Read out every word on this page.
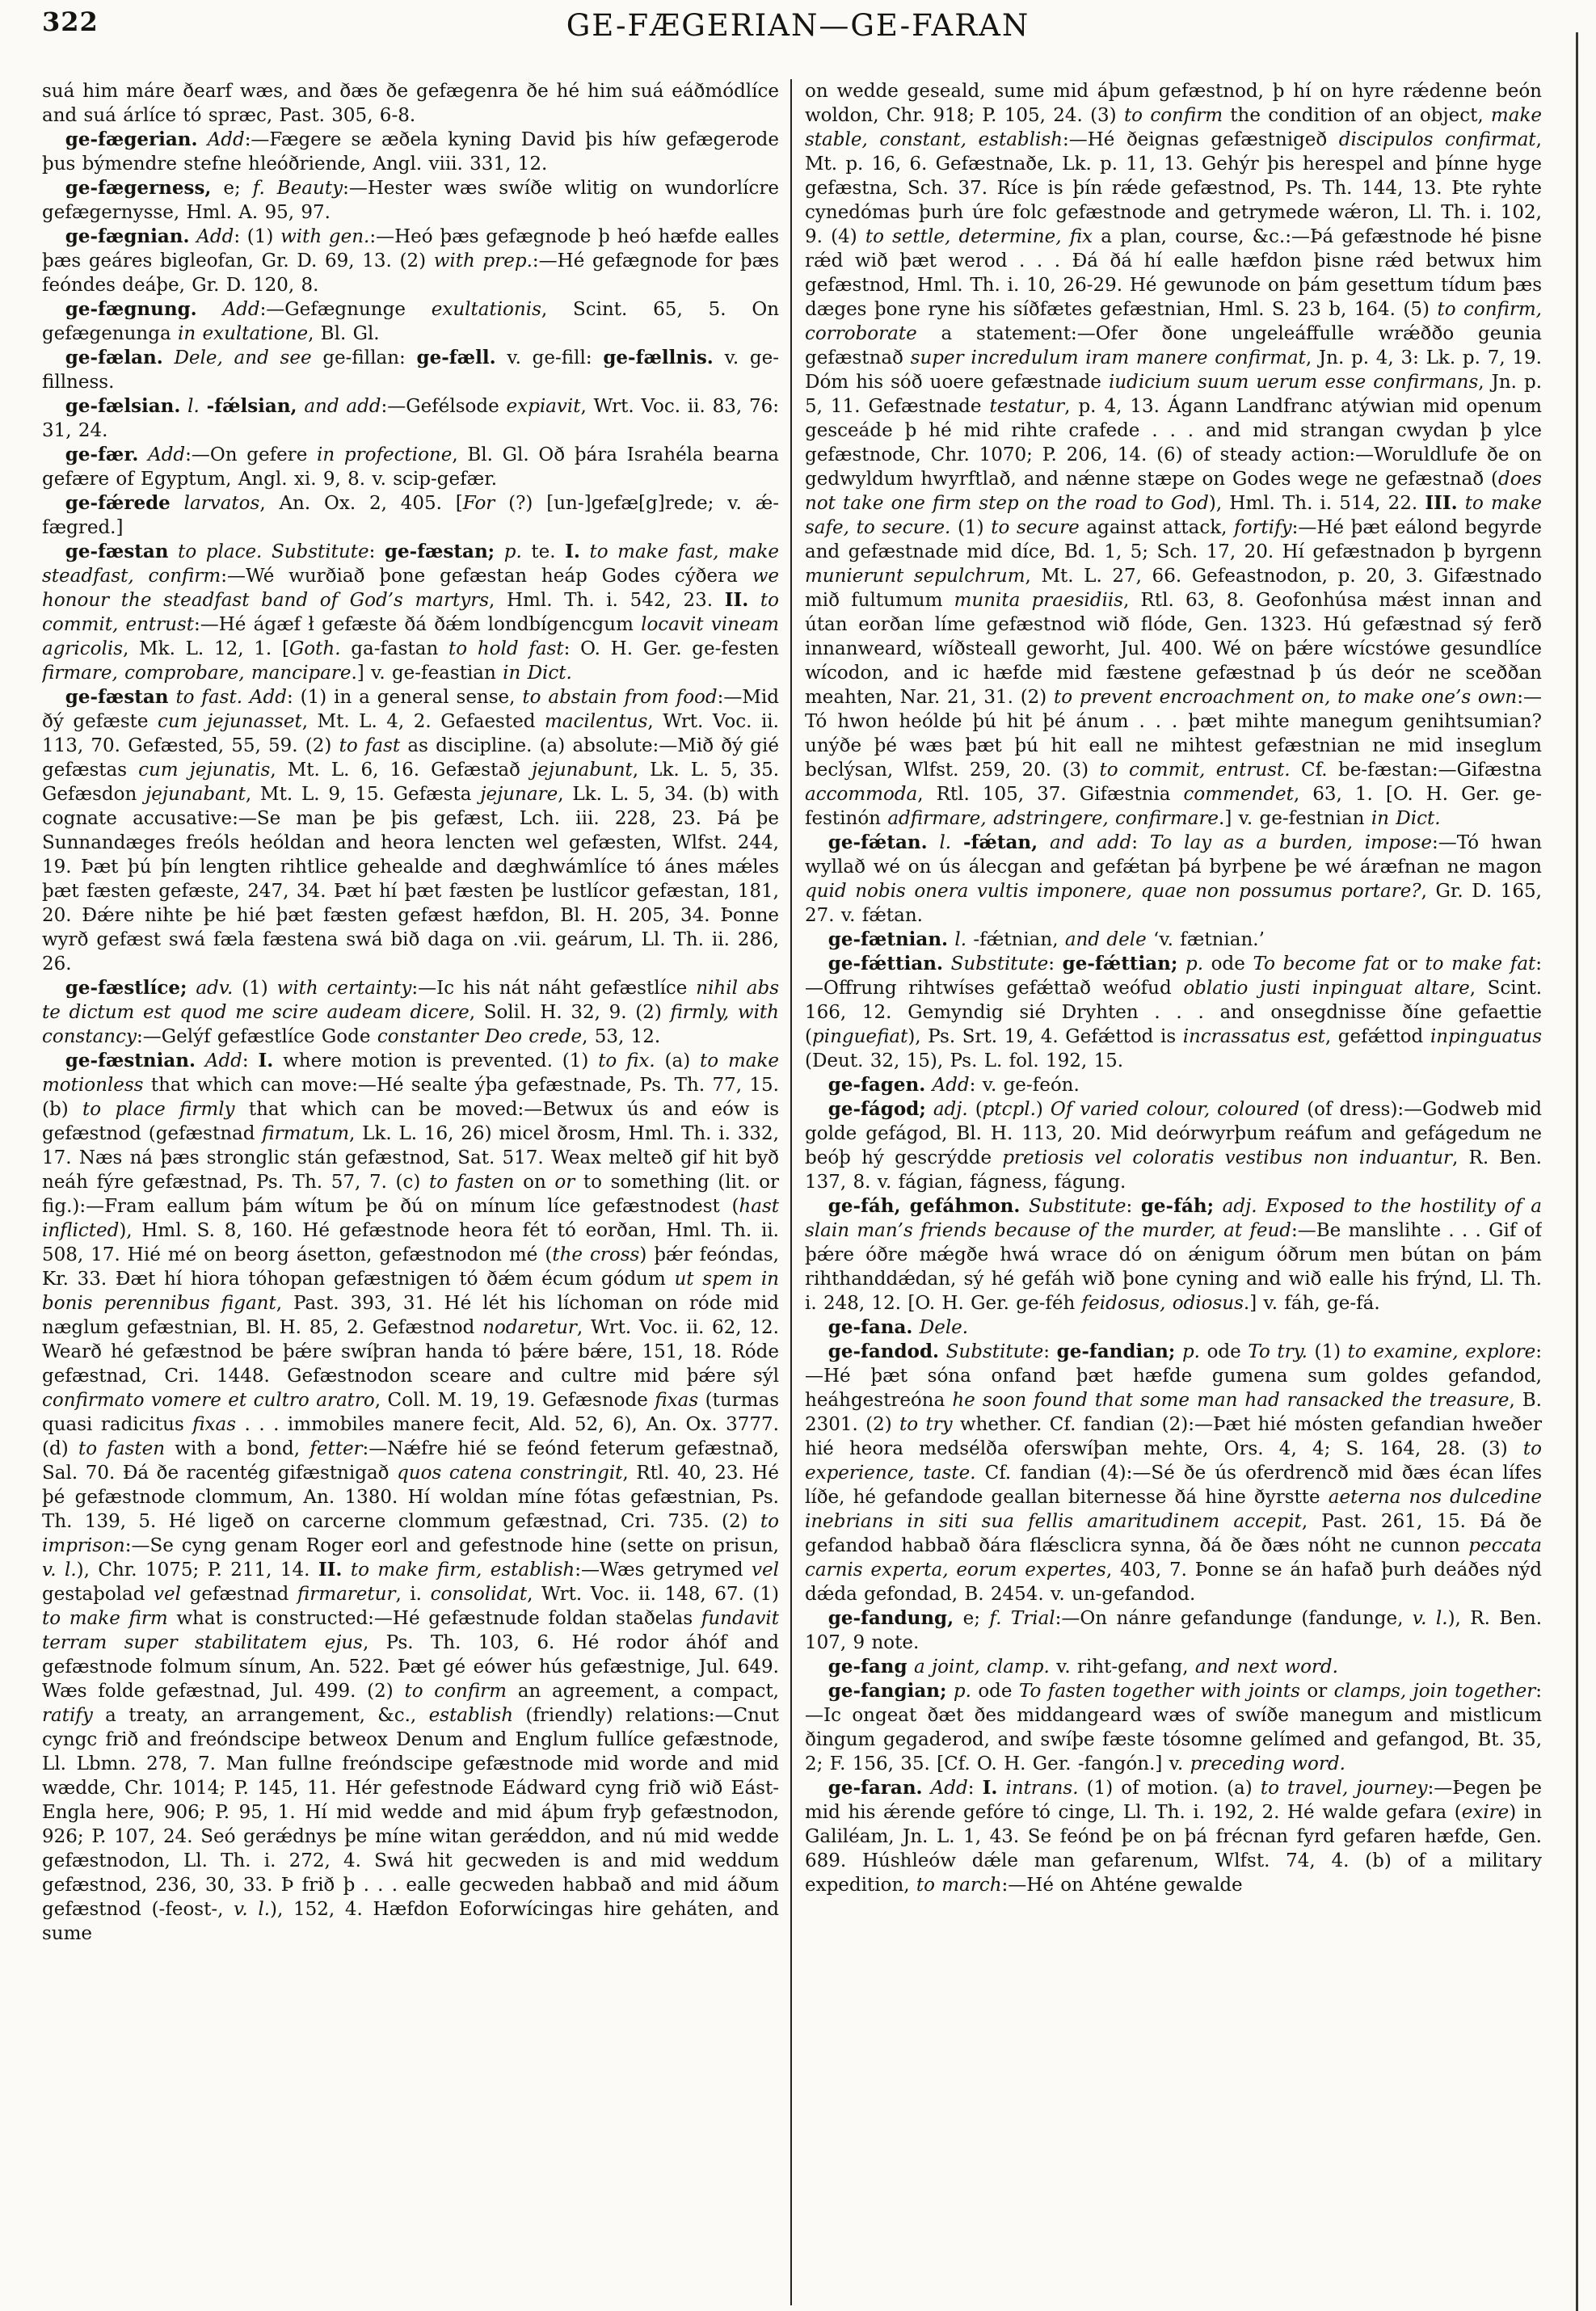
322	GE-FÆGERIAN—GE-FARAN

suá him máre ðearf wæs, and ðæs ðe gefægenra ðe hé him suá eáðmódlíce and suá árlíce tó spræc, Past. 305, 6-8.

ge-fægerian. Add:—Fægere se æðela kyning David þis híw gefægerode þus býmendre stefne hleóðriende, Angl. viii. 331, 12.

ge-fægerness, e; f. Beauty:—Hester wæs swíðe wlitig on wundorlícre gefægernysse, Hml. A. 95, 97.

ge-fægnian. Add: (1) with gen.:—Heó þæs gefægnode þ heó hæfde ealles þæs geáres bigleofan, Gr. D. 69, 13. (2) with prep.:—Hé gefægnode for þæs feóndes deáþe, Gr. D. 120, 8.

ge-fægnung. Add:—Gefægnunge exultationis, Scint. 65, 5. On gefægenunga in exultatione, Bl. Gl.

ge-fælan. Dele, and see ge-fillan: ge-fæll. v. ge-fill: ge-fællnis. v. ge-fillness.

ge-fælsian. l. -fǽlsian, and add:—Gefélsode expiavit, Wrt. Voc. ii. 83, 76: 31, 24.

ge-fær. Add:—On gefere in profectione, Bl. Gl. Oð þára Israhéla bearna gefære of Egyptum, Angl. xi. 9, 8. v. scip-gefær.

ge-fǽrede larvatos, An. Ox. 2, 405. [For (?) [un-]gefæ[g]rede; v. ǽ-fægred.]

ge-fæstan to place. Substitute: ge-fæstan; p. te. I. to make fast, make steadfast, confirm:—Wé wurðiað þone gefæstan heáp Godes cýðera we honour the steadfast band of God’s martyrs, Hml. Th. i. 542, 23. II. to commit, entrust:—Hé ágæf ł gefæste ðá ðǽm londbígencgum locavit vineam agricolis, Mk. L. 12, 1. [Goth. ga-fastan to hold fast: O. H. Ger. ge-festen firmare, comprobare, mancipare.] v. ge-feastian in Dict.

ge-fæstan to fast. Add: (1) in a general sense, to abstain from food:—Mid ðý gefæste cum jejunasset, Mt. L. 4, 2. Gefaested macilentus, Wrt. Voc. ii. 113, 70. Gefæsted, 55, 59. (2) to fast as discipline. (a) absolute:—Mið ðý gié gefæstas cum jejunatis, Mt. L. 6, 16. Gefæstað jejunabunt, Lk. L. 5, 35. Gefæsdon jejunabant, Mt. L. 9, 15. Gefæsta jejunare, Lk. L. 5, 34. (b) with cognate accusative:—Se man þe þis gefæst, Lch. iii. 228, 23. Þá þe Sunnandæges freóls heóldan and heora lencten wel gefæsten, Wlfst. 244, 19. Þæt þú þín lengten rihtlice gehealde and dæghwámlíce tó ánes mǽles þæt fæsten gefæste, 247, 34. Þæt hí þæt fæsten þe lustlícor gefæstan, 181, 20. Ðǽre nihte þe hié þæt fæsten gefæst hæfdon, Bl. H. 205, 34. Þonne wyrð gefæst swá fæla fæstena swá bið daga on .vii. geárum, Ll. Th. ii. 286, 26.

ge-fæstlíce; adv. (1) with certainty:—Ic his nát náht gefæstlíce nihil abs te dictum est quod me scire audeam dicere, Solil. H. 32, 9. (2) firmly, with constancy:—Gelýf gefæstlíce Gode constanter Deo crede, 53, 12.

ge-fæstnian. Add: I. where motion is prevented. (1) to fix. (a) to make motionless that which can move:—Hé sealte ýþa gefæstnade, Ps. Th. 77, 15. (b) to place firmly that which can be moved:—Betwux ús and eów is gefæstnod (gefæstnad firmatum, Lk. L. 16, 26) micel ðrosm, Hml. Th. i. 332, 17. Næs ná þæs stronglic stán gefæstnod, Sat. 517. Weax melteð gif hit byð neáh fýre gefæstnad, Ps. Th. 57, 7. (c) to fasten on or to something (lit. or fig.):—Fram eallum þám wítum þe ðú on mínum líce gefæstnodest (hast inflicted), Hml. S. 8, 160. Hé gefæstnode heora fét tó eorðan, Hml. Th. ii. 508, 17. Hié mé on beorg ásetton, gefæstnodon mé (the cross) þǽr feóndas, Kr. 33. Ðæt hí hiora tóhopan gefæstnigen tó ðǽm écum gódum ut spem in bonis perennibus figant, Past. 393, 31. Hé lét his líchoman on róde mid næglum gefæstnian, Bl. H. 85, 2. Gefæstnod nodaretur, Wrt. Voc. ii. 62, 12. Wearð hé gefæstnod be þǽre swíþran handa tó þǽre bǽre, 151, 18. Róde gefæstnad, Cri. 1448. Gefæstnodon sceare and cultre mid þǽre sýl confirmato vomere et cultro aratro, Coll. M. 19, 19. Gefæsnode fixas (turmas quasi radicitus fixas . . . immobiles manere fecit, Ald. 52, 6), An. Ox. 3777. (d) to fasten with a bond, fetter:—Nǽfre hié se feónd feterum gefæstnað, Sal. 70. Ðá ðe racentég gifæstnigað quos catena constringit, Rtl. 40, 23. Hé þé gefæstnode clommum, An. 1380. Hí woldan míne fótas gefæstnian, Ps. Th. 139, 5. Hé ligeð on carcerne clommum gefæstnad, Cri. 735. (2) to imprison:—Se cyng genam Roger eorl and gefestnode hine (sette on prisun, v. l.), Chr. 1075; P. 211, 14. II. to make firm, establish:—Wæs getrymed vel gestaþolad vel gefæstnad firmaretur, i. consolidat, Wrt. Voc. ii. 148, 67. (1) to make firm what is constructed:—Hé gefæstnude foldan staðelas fundavit terram super stabilitatem ejus, Ps. Th. 103, 6. Hé rodor áhóf and gefæstnode folmum sínum, An. 522. Þæt gé eówer hús gefæstnige, Jul. 649. Wæs folde gefæstnad, Jul. 499. (2) to confirm an agreement, a compact, ratify a treaty, an arrangement, &c., establish (friendly) relations:—Cnut cyngc frið and freóndscipe betweox Denum and Englum fullíce gefæstnode, Ll. Lbmn. 278, 7. Man fullne freóndscipe gefæstnode mid worde and mid wædde, Chr. 1014; P. 145, 11. Hér gefestnode Eádward cyng frið wið Eást-Engla here, 906; P. 95, 1. Hí mid wedde and mid áþum fryþ gefæstnodon, 926; P. 107, 24. Seó gerǽdnys þe míne witan gerǽddon, and nú mid wedde gefæstnodon, Ll. Th. i. 272, 4. Swá hit gecweden is and mid weddum gefæstnod, 236, 30, 33. Þ frið þ . . . ealle gecweden habbað and mid áðum gefæstnod (-feost-, v. l.), 152, 4. Hæfdon Eoforwícingas hire geháten, and sume

on wedde geseald, sume mid áþum gefæstnod, þ hí on hyre rǽdenne beón woldon, Chr. 918; P. 105, 24. (3) to confirm the condition of an object, make stable, constant, establish:—Hé ðeignas gefæstnigeð discipulos confirmat, Mt. p. 16, 6. Gefæstnaðe, Lk. p. 11, 13. Gehýr þis herespel and þínne hyge gefæstna, Sch. 37. Ríce is þín rǽde gefæstnod, Ps. Th. 144, 13. Þte ryhte cynedómas þurh úre folc gefæstnode and getrymede wǽron, Ll. Th. i. 102, 9. (4) to settle, determine, fix a plan, course, &c.:—Þá gefæstnode hé þisne rǽd wið þæt werod . . . Ðá ðá hí ealle hæfdon þisne rǽd betwux him gefæstnod, Hml. Th. i. 10, 26-29. Hé gewunode on þám gesettum tídum þæs dæges þone ryne his síðfætes gefæstnian, Hml. S. 23 b, 164. (5) to confirm, corroborate a statement:—Ofer ðone ungeleáffulle wrǽððo geunia gefæstnað super incredulum iram manere confirmat, Jn. p. 4, 3: Lk. p. 7, 19. Dóm his sóð uoere gefæstnade iudicium suum uerum esse confirmans, Jn. p. 5, 11. Gefæstnade testatur, p. 4, 13. Ágann Landfranc atýwian mid openum gesceáde þ hé mid rihte crafede . . . and mid strangan cwydan þ ylce gefæstnode, Chr. 1070; P. 206, 14. (6) of steady action:—Woruldlufe ðe on gedwyldum hwyrftlað, and nǽnne stæpe on Godes wege ne gefæstnað (does not take one firm step on the road to God), Hml. Th. i. 514, 22. III. to make safe, to secure. (1) to secure against attack, fortify:—Hé þæt eálond begyrde and gefæstnade mid díce, Bd. 1, 5; Sch. 17, 20. Hí gefæstnadon þ byrgenn munierunt sepulchrum, Mt. L. 27, 66. Gefeastnodon, p. 20, 3. Gifæstnado mið fultumum munita praesidiis, Rtl. 63, 8. Geofonhúsa mǽst innan and útan eorðan líme gefæstnod wið flóde, Gen. 1323. Hú gefæstnad sý ferð innanweard, wíðsteall geworht, Jul. 400. Wé on þǽre wícstówe gesundlíce wícodon, and ic hæfde mid fæstene gefæstnad þ ús deór ne sceððan meahten, Nar. 21, 31. (2) to prevent encroachment on, to make one’s own:—Tó hwon heólde þú hit þé ánum . . . þæt mihte manegum genihtsumian? unýðe þé wæs þæt þú hit eall ne mihtest gefæstnian ne mid inseglum beclýsan, Wlfst. 259, 20. (3) to commit, entrust. Cf. be-fæstan:—Gifæstna accommoda, Rtl. 105, 37. Gifæstnia commendet, 63, 1. [O. H. Ger. ge-festinón adfirmare, adstringere, confirmare.] v. ge-festnian in Dict.

ge-fǽtan. l. -fǽtan, and add: To lay as a burden, impose:—Tó hwan wyllað wé on ús álecgan and gefǽtan þá byrþene þe wé áræfnan ne magon quid nobis onera vultis imponere, quae non possumus portare?, Gr. D. 165, 27. v. fǽtan.

ge-fætnian. l. -fǽtnian, and dele ‘v. fætnian.’

ge-fǽttian. Substitute: ge-fǽttian; p. ode To become fat or to make fat:—Offrung rihtwíses gefǽttað weófud oblatio justi inpinguat altare, Scint. 166, 12. Gemyndig sié Dryhten . . . and onsegdnisse ðíne gefaettie (pinguefiat), Ps. Srt. 19, 4. Gefǽttod is incrassatus est, gefǽttod inpinguatus (Deut. 32, 15), Ps. L. fol. 192, 15.

ge-fagen. Add: v. ge-feón.

ge-fágod; adj. (ptcpl.) Of varied colour, coloured (of dress):—Godweb mid golde gefágod, Bl. H. 113, 20. Mid deórwyrþum reáfum and gefágedum ne beóþ hý gescrýdde pretiosis vel coloratis vestibus non induantur, R. Ben. 137, 8. v. fágian, fágness, fágung.

ge-fáh, gefáhmon. Substitute: ge-fáh; adj. Exposed to the hostility of a slain man’s friends because of the murder, at feud:—Be manslihte . . . Gif of þǽre óðre mǽgðe hwá wrace dó on ǽnigum óðrum men bútan on þám rihthanddǽdan, sý hé gefáh wið þone cyning and wið ealle his frýnd, Ll. Th. i. 248, 12. [O. H. Ger. ge-féh feidosus, odiosus.] v. fáh, ge-fá.

ge-fana. Dele.

ge-fandod. Substitute: ge-fandian; p. ode To try. (1) to examine, explore:—Hé þæt sóna onfand þæt hæfde gumena sum goldes gefandod, heáhgestreóna he soon found that some man had ransacked the treasure, B. 2301. (2) to try whether. Cf. fandian (2):—Þæt hié mósten gefandian hweðer hié heora medsélða oferswíþan mehte, Ors. 4, 4; S. 164, 28. (3) to experience, taste. Cf. fandian (4):—Sé ðe ús oferdrencð mid ðæs écan lífes líðe, hé gefandode geallan biternesse ðá hine ðyrstte aeterna nos dulcedine inebrians in siti sua fellis amaritudinem accepit, Past. 261, 15. Ðá ðe gefandod habbað ðára flǽsclicra synna, ðá ðe ðæs nóht ne cunnon peccata carnis experta, eorum expertes, 403, 7. Þonne se án hafað þurh deáðes nýd dǽda gefondad, B. 2454. v. un-gefandod.

ge-fandung, e; f. Trial:—On nánre gefandunge (fandunge, v. l.), R. Ben. 107, 9 note.

ge-fang a joint, clamp. v. riht-gefang, and next word.

ge-fangian; p. ode To fasten together with joints or clamps, join together:—Ic ongeat ðæt ðes middangeard wæs of swíðe manegum and mistlicum ðingum gegaderod, and swíþe fæste tósomne gelímed and gefangod, Bt. 35, 2; F. 156, 35. [Cf. O. H. Ger. -fangón.] v. preceding word.

ge-faran. Add: I. intrans. (1) of motion. (a) to travel, journey:—Þegen þe mid his ǽrende gefóre tó cinge, Ll. Th. i. 192, 2. Hé walde gefara (exire) in Galiléam, Jn. L. 1, 43. Se feónd þe on þá frécnan fyrd gefaren hæfde, Gen. 689. Húshleów dǽle man gefarenum, Wlfst. 74, 4. (b) of a military expedition, to march:—Hé on Ahténe gewalde
